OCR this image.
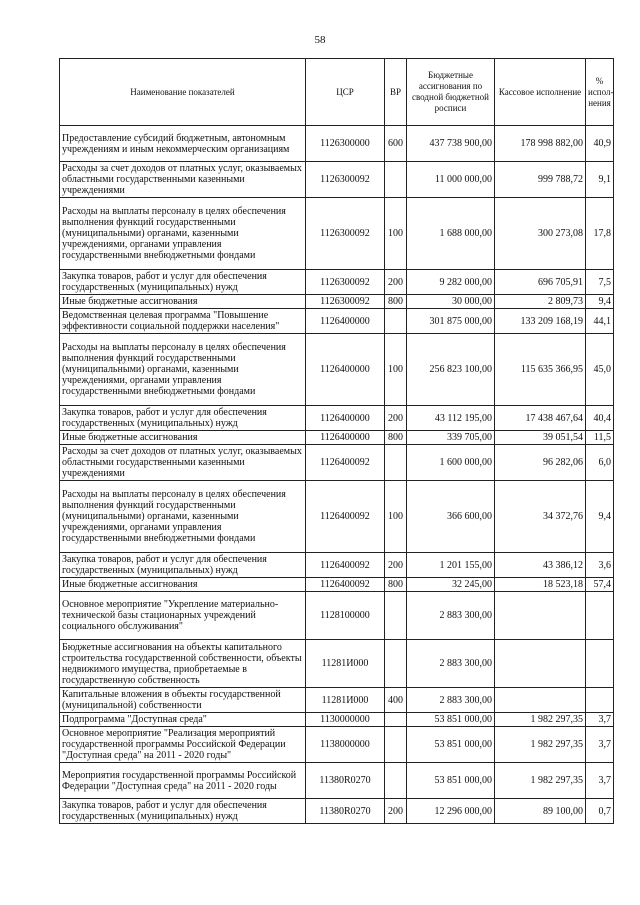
58
Наименование показателей	ЦСР	ВР	Бюджетные ассигнования по сводной бюджетной росписи	Кассовое исполнение	% испол-нения
Предоставление субсидий бюджетным, автономным учреждениям и иным некоммерческим организациям	1126300000	600	437 738 900,00	178 998 882,00	40,9
Расходы за счет доходов от платных услуг, оказываемых областными государственными казенными учреждениями	1126300092		11 000 000,00	999 788,72	9,1
Расходы на выплаты персоналу в целях обеспечения выполнения функций государственными (муниципальными) органами, казенными учреждениями, органами управления государственными внебюджетными фондами	1126300092	100	1 688 000,00	300 273,08	17,8
Закупка товаров, работ и услуг для обеспечения государственных (муниципальных) нужд	1126300092	200	9 282 000,00	696 705,91	7,5
Иные бюджетные ассигнования	1126300092	800	30 000,00	2 809,73	9,4
Ведомственная целевая программа "Повышение эффективности социальной поддержки населения"	1126400000		301 875 000,00	133 209 168,19	44,1
Расходы на выплаты персоналу в целях обеспечения выполнения функций государственными (муниципальными) органами, казенными учреждениями, органами управления государственными внебюджетными фондами	1126400000	100	256 823 100,00	115 635 366,95	45,0
Закупка товаров, работ и услуг для обеспечения государственных (муниципальных) нужд	1126400000	200	43 112 195,00	17 438 467,64	40,4
Иные бюджетные ассигнования	1126400000	800	339 705,00	39 051,54	11,5
Расходы за счет доходов от платных услуг, оказываемых областными государственными казенными учреждениями	1126400092		1 600 000,00	96 282,06	6,0
Расходы на выплаты персоналу в целях обеспечения выполнения функций государственными (муниципальными) органами, казенными учреждениями, органами управления государственными внебюджетными фондами	1126400092	100	366 600,00	34 372,76	9,4
Закупка товаров, работ и услуг для обеспечения государственных (муниципальных) нужд	1126400092	200	1 201 155,00	43 386,12	3,6
Иные бюджетные ассигнования	1126400092	800	32 245,00	18 523,18	57,4
Основное мероприятие "Укрепление материально-технической базы стационарных учреждений социального обслуживания"	1128100000		2 883 300,00		
Бюджетные ассигнования на объекты капитального строительства государственной собственности, объекты недвижимого имущества, приобретаемые в государственную собственность	11281И000		2 883 300,00		
Капитальные вложения в объекты государственной (муниципальной) собственности	11281И000	400	2 883 300,00		
Подпрограмма "Доступная среда"	1130000000		53 851 000,00	1 982 297,35	3,7
Основное мероприятие "Реализация мероприятий государственной программы Российской Федерации "Доступная среда" на 2011 - 2020 годы"	1138000000		53 851 000,00	1 982 297,35	3,7
Мероприятия государственной программы Российской Федерации "Доступная среда" на 2011 - 2020 годы	11380R0270		53 851 000,00	1 982 297,35	3,7
Закупка товаров, работ и услуг для обеспечения государственных (муниципальных) нужд	11380R0270	200	12 296 000,00	89 100,00	0,7
